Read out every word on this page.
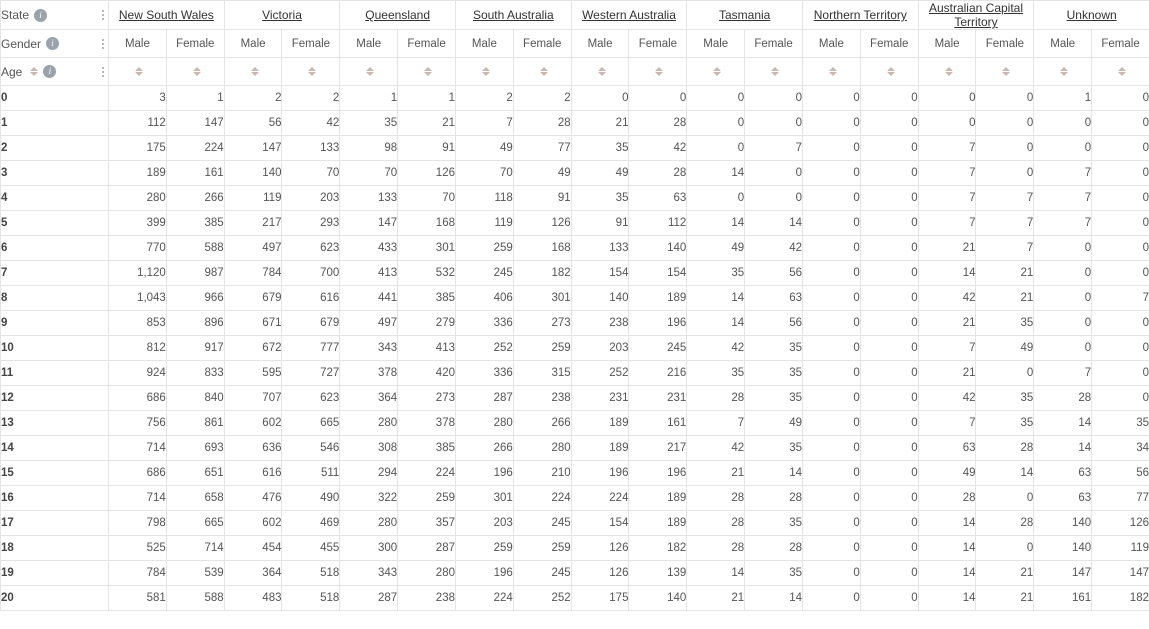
State i	New South Wales		Victoria		Queensland		South Australia		Western Australia		Tasmania		Northern Territory		Australian Capital Territory		Unknown	

Gender i	Male	Female	Male	Female	Male	Female	Male	Female	Male	Female	Male	Female	Male	Female	Male	Female	Male	Female

Age i																		

0	3	1	2	2	1	1	2	2	0	0	0	0	0	0	0	0	1	0
1	112	147	56	42	35	21	7	28	21	28	0	0	0	0	0	0	0	0
2	175	224	147	133	98	91	49	77	35	42	0	7	0	0	7	0	0	0
3	189	161	140	70	70	126	70	49	49	28	14	0	0	0	7	0	7	0
4	280	266	119	203	133	70	118	91	35	63	0	0	0	0	7	7	7	0
5	399	385	217	293	147	168	119	126	91	112	14	14	0	0	7	7	7	0
6	770	588	497	623	433	301	259	168	133	140	49	42	0	0	21	7	0	0
7	1,120	987	784	700	413	532	245	182	154	154	35	56	0	0	14	21	0	0
8	1,043	966	679	616	441	385	406	301	140	189	14	63	0	0	42	21	0	7
9	853	896	671	679	497	279	336	273	238	196	14	56	0	0	21	35	0	0
10	812	917	672	777	343	413	252	259	203	245	42	35	0	0	7	49	0	0
11	924	833	595	727	378	420	336	315	252	216	35	35	0	0	21	0	7	0
12	686	840	707	623	364	273	287	238	231	231	28	35	0	0	42	35	28	0
13	756	861	602	665	280	378	280	266	189	161	7	49	0	0	7	35	14	35
14	714	693	636	546	308	385	266	280	189	217	42	35	0	0	63	28	14	34
15	686	651	616	511	294	224	196	210	196	196	21	14	0	0	49	14	63	56
16	714	658	476	490	322	259	301	224	224	189	28	28	0	0	28	0	63	77
17	798	665	602	469	280	357	203	245	154	189	28	35	0	0	14	28	140	126
18	525	714	454	455	300	287	259	259	126	182	28	28	0	0	14	0	140	119
19	784	539	364	518	343	280	196	245	126	139	14	35	0	0	14	21	147	147
20	581	588	483	518	287	238	224	252	175	140	21	14	0	0	14	21	161	182
